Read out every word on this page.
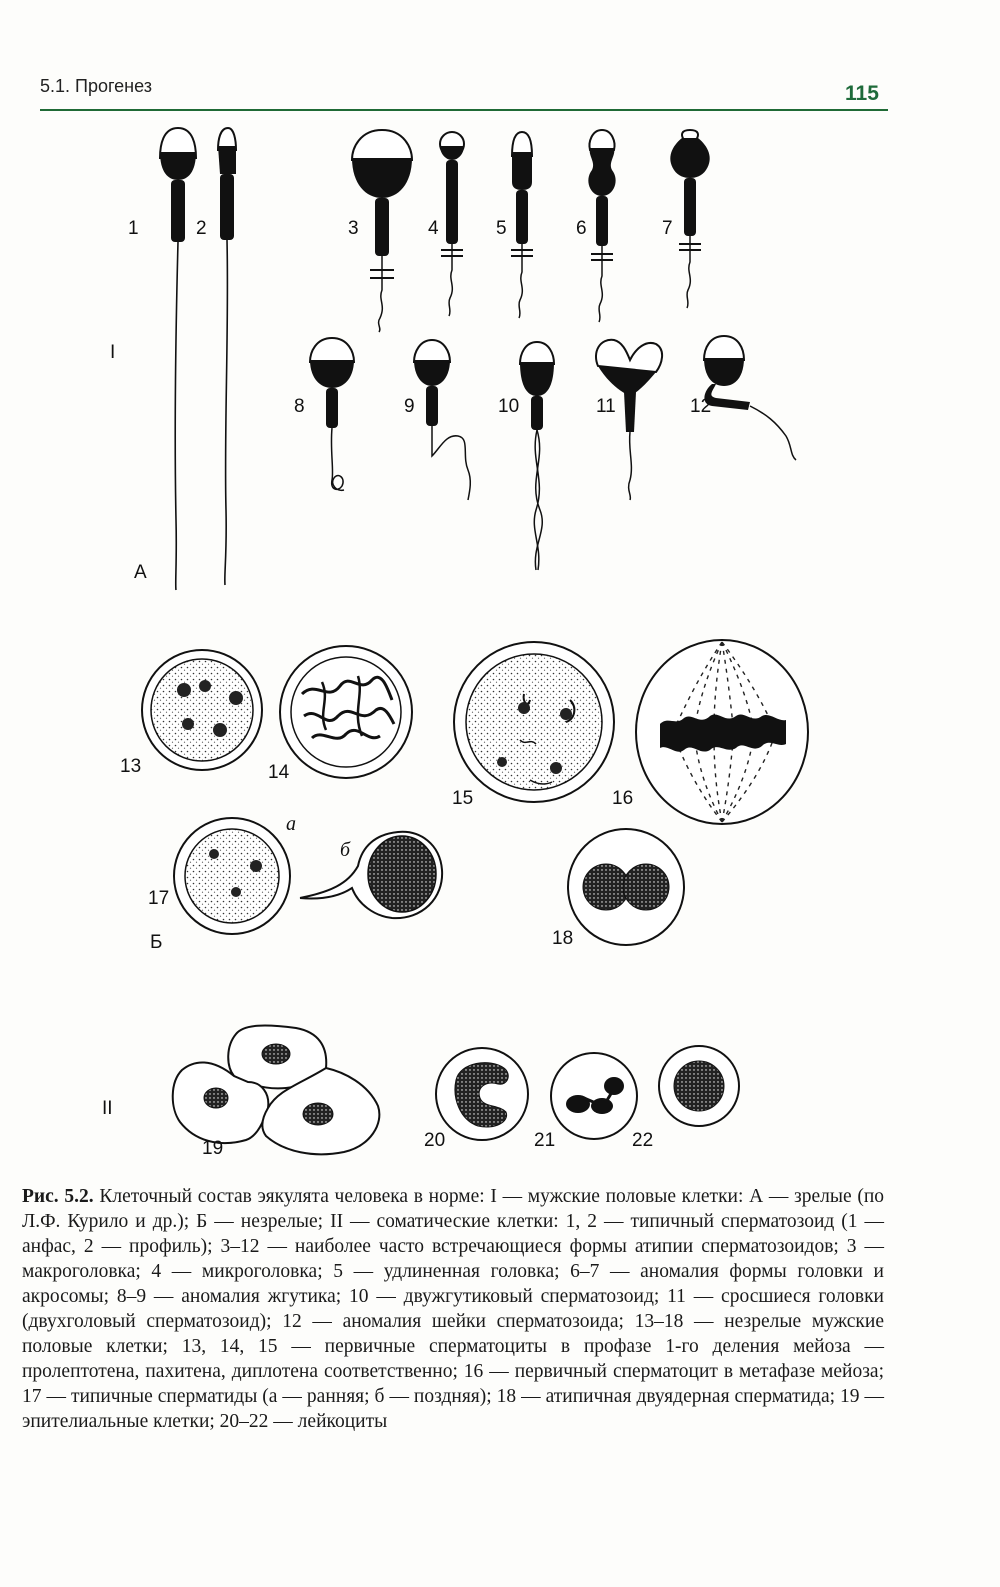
5.1. Прогенез	115
1	2	3	4	5	6	7
8	9	10	11	12
13	14
15	16
17
18
19	20	21	22
I
А
Б
II
а
б
Рис. 5.2. Клеточный состав эякулята человека в норме: I — мужские половые клетки: А — зрелые (по Л.Ф. Курило и др.); Б — незрелые; II — соматические клетки: 1, 2 — типичный сперматозоид (1 — анфас, 2 — профиль); 3–12 — наиболее часто встречающиеся формы атипии сперматозоидов; 3 — макроголовка; 4 — микроголовка; 5 — удлиненная головка; 6–7 — аномалия формы головки и акросомы; 8–9 — аномалия жгутика; 10 — двужгутиковый сперматозоид; 11 — сросшиеся головки (двухголовый сперматозоид); 12 — аномалия шейки сперматозоида; 13–18 — незрелые мужские половые клетки; 13, 14, 15 — первичные сперматоциты в профазе 1-го деления мейоза — пролептотена, пахитена, диплотена соответственно; 16 — первичный сперматоцит в метафазе мейоза; 17 — типичные сперматиды (а — ранняя; б — поздняя); 18 — атипичная двуядерная сперматида; 19 — эпителиальные клетки; 20–22 — лейкоциты
